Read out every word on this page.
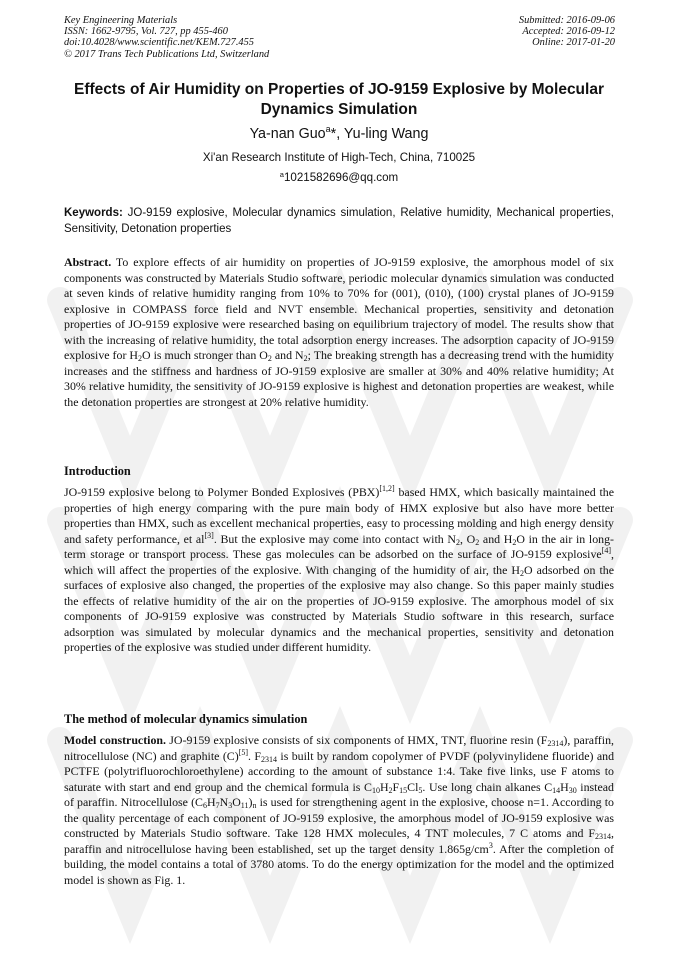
Key Engineering Materials
ISSN: 1662-9795, Vol. 727, pp 455-460
doi:10.4028/www.scientific.net/KEM.727.455
© 2017 Trans Tech Publications Ltd, Switzerland
Submitted: 2016-09-06
Accepted: 2016-09-12
Online: 2017-01-20
Effects of Air Humidity on Properties of JO-9159 Explosive by Molecular Dynamics Simulation
Ya-nan Guo$^a$*, Yu-ling Wang
Xi'an Research Institute of High-Tech, China, 710025
$^a$1021582696@qq.com
Keywords: JO-9159 explosive, Molecular dynamics simulation, Relative humidity, Mechanical properties, Sensitivity, Detonation properties
Abstract. To explore effects of air humidity on properties of JO-9159 explosive, the amorphous model of six components was constructed by Materials Studio software, periodic molecular dynamics simulation was conducted at seven kinds of relative humidity ranging from 10% to 70% for (001), (010), (100) crystal planes of JO-9159 explosive in COMPASS force field and NVT ensemble. Mechanical properties, sensitivity and detonation properties of JO-9159 explosive were researched basing on equilibrium trajectory of model. The results show that with the increasing of relative humidity, the total adsorption energy increases. The adsorption capacity of JO-9159 explosive for $H_2O$ is much stronger than $O_2$ and $N_2$; The breaking strength has a decreasing trend with the humidity increases and the stiffness and hardness of JO-9159 explosive are smaller at 30% and 40% relative humidity; At 30% relative humidity, the sensitivity of JO-9159 explosive is highest and detonation properties are weakest, while the detonation properties are strongest at 20% relative humidity.
Introduction
JO-9159 explosive belong to Polymer Bonded Explosives (PBX)[1,2] based HMX, which basically maintained the properties of high energy comparing with the pure main body of HMX explosive but also have more better properties than HMX, such as excellent mechanical properties, easy to processing molding and high energy density and safety performance, et al[3]. But the explosive may come into contact with $N_2$, $O_2$ and $H_2O$ in the air in long-term storage or transport process. These gas molecules can be adsorbed on the surface of JO-9159 explosive[4], which will affect the properties of the explosive. With changing of the humidity of air, the $H_2O$ adsorbed on the surfaces of explosive also changed, the properties of the explosive may also change. So this paper mainly studies the effects of relative humidity of the air on the properties of JO-9159 explosive. The amorphous model of six components of JO-9159 explosive was constructed by Materials Studio software in this research, surface adsorption was simulated by molecular dynamics and the mechanical properties, sensitivity and detonation properties of the explosive was studied under different humidity.
The method of molecular dynamics simulation
Model construction. JO-9159 explosive consists of six components of HMX, TNT, fluorine resin $(F_{2314})$, paraffin, nitrocellulose (NC) and graphite (C)[5]. $F_{2314}$ is built by random copolymer of PVDF (polyvinylidene fluoride) and PCTFE (polytrifluorochloroethylene) according to the amount of substance 1:4. Take five links, use F atoms to saturate with start and end group and the chemical formula is $C_{10}H_2F_{15}Cl_5$. Use long chain alkanes $C_{14}H_{30}$ instead of paraffin. Nitrocellulose $(C_6H_7N_3O_{11})_n$ is used for strengthening agent in the explosive, choose n=1. According to the quality percentage of each component of JO-9159 explosive, the amorphous model of JO-9159 explosive was constructed by Materials Studio software. Take 128 HMX molecules, 4 TNT molecules, 7 C atoms and $F_{2314}$, paraffin and nitrocellulose having been established, set up the target density $1.865g/cm^3$. After the completion of building, the model contains a total of 3780 atoms. To do the energy optimization for the model and the optimized model is shown as Fig. 1.
